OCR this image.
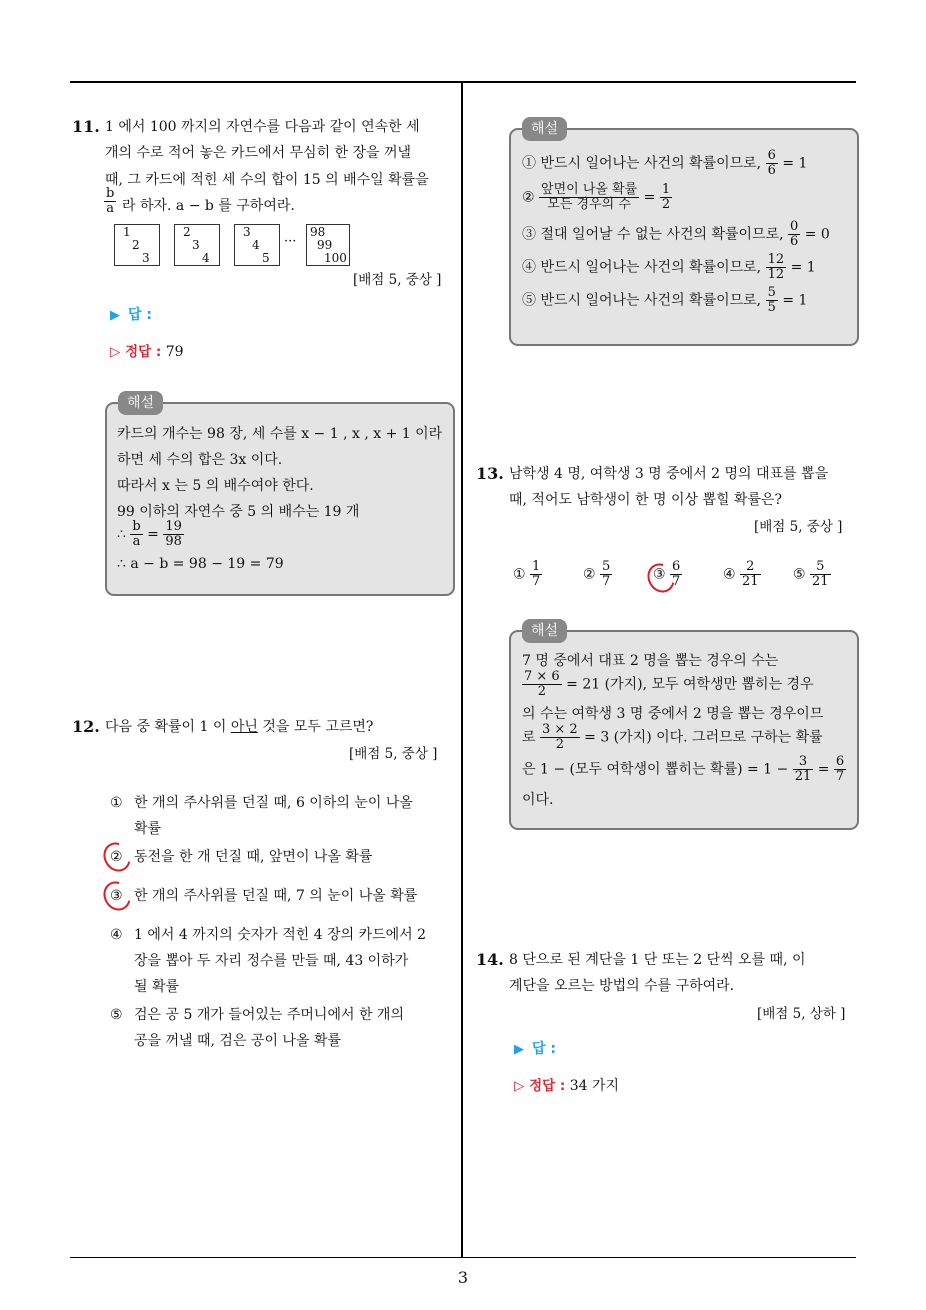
11. 1 에서 100 까지의 자연수를 다음과 같이 연속한 세
개의 수로 적어 놓은 카드에서 무심히 한 장을 꺼낼
때, 그 카드에 적힌 세 수의 합이 15 의 배수일 확률을
$\frac{b}{a}$ 라 하자. a − b 를 구하여라.
1
2
3
2
3
4
3
4
5
···
98
99
100
[배점 5, 중상 ]
▶ 답 :
▷ 정답 : 79
해설
카드의 개수는 98 장, 세 수를 x − 1 , x , x + 1 이라
하면 세 수의 합은 3x 이다.
따라서 x 는 5 의 배수여야 한다.
99 이하의 자연수 중 5 의 배수는 19 개
∴ $\frac{b}{a} = \frac{19}{98}$
∴ a − b = 98 − 19 = 79
12. 다음 중 확률이 1 이 아닌 것을 모두 고르면?
[배점 5, 중상 ]
① 한 개의 주사위를 던질 때, 6 이하의 눈이 나올
확률
② 동전을 한 개 던질 때, 앞면이 나올 확률
③ 한 개의 주사위를 던질 때, 7 의 눈이 나올 확률
④ 1 에서 4 까지의 숫자가 적힌 4 장의 카드에서 2
장을 뽑아 두 자리 정수를 만들 때, 43 이하가
될 확률
⑤ 검은 공 5 개가 들어있는 주머니에서 한 개의
공을 꺼낼 때, 검은 공이 나올 확률
해설
① 반드시 일어나는 사건의 확률이므로, $\frac{6}{6} = 1$
② $\frac{\text{앞면이 나올 확률}}{\text{모든 경우의 수}} = \frac{1}{2}$
③ 절대 일어날 수 없는 사건의 확률이므로, $\frac{0}{6} = 0$
④ 반드시 일어나는 사건의 확률이므로, $\frac{12}{12} = 1$
⑤ 반드시 일어나는 사건의 확률이므로, $\frac{5}{5} = 1$
13. 남학생 4 명, 여학생 3 명 중에서 2 명의 대표를 뽑을
때, 적어도 남학생이 한 명 이상 뽑힐 확률은?
[배점 5, 중상 ]
① $\frac{1}{7}$	② $\frac{5}{7}$	③ $\frac{6}{7}$	④ $\frac{2}{21}$ ⑤ $\frac{5}{21}$
해설
7 명 중에서 대표 2 명을 뽑는 경우의 수는
$\frac{7 \times 6}{2} = 21$ (가지), 모두 여학생만 뽑히는 경우
의 수는 여학생 3 명 중에서 2 명을 뽑는 경우이므
로 $\frac{3 \times 2}{2} = 3$ (가지) 이다. 그러므로 구하는 확률
은 1 − (모두 여학생이 뽑히는 확률) = $1 - \frac{3}{21} = \frac{6}{7}$
이다.
14. 8 단으로 된 계단을 1 단 또는 2 단씩 오를 때, 이
계단을 오르는 방법의 수를 구하여라.
[배점 5, 상하 ]
▶ 답 :
▷ 정답 : 34 가지
3
